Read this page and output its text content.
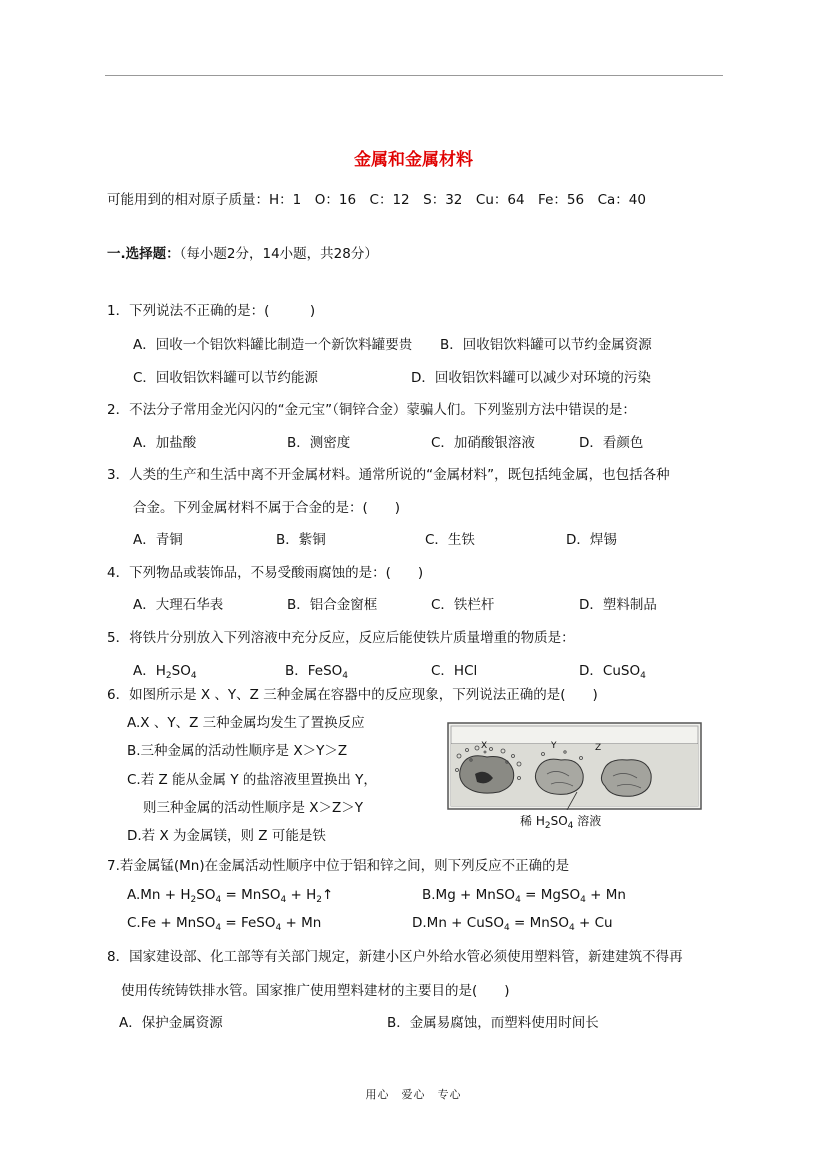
金属和金属材料
可能用到的相对原子质量：H：1　O：16　C：12　S：32　Cu：64　Fe：56　Ca：40
一.选择题：（每小题2分，14小题，共28分）
1．下列说法不正确的是：(　　　)
A．回收一个铝饮料罐比制造一个新饮料罐要贵 B．回收铝饮料罐可以节约金属资源
C．回收铝饮料罐可以节约能源	D．回收铝饮料罐可以减少对环境的污染
2．不法分子常用金光闪闪的“金元宝”（铜锌合金）蒙骗人们。下列鉴别方法中错误的是：
A．加盐酸	B．测密度	C．加硝酸银溶液	D．看颜色
3．人类的生产和生活中离不开金属材料。通常所说的“金属材料”，既包括纯金属，也包括各种
合金。下列金属材料不属于合金的是：(　　)
A．青铜	B．紫铜	C．生铁	D．焊锡
4．下列物品或装饰品，不易受酸雨腐蚀的是：(　　)
A．大理石华表	B．铝合金窗框	C．铁栏杆	D．塑料制品
5．将铁片分别放入下列溶液中充分反应，反应后能使铁片质量增重的物质是：
A．$H_2SO_4$	B．FeSO$_4$	C．HCl	D．CuSO$_4$
6．如图所示是 X 、Y、Z 三种金属在容器中的反应现象，下列说法正确的是(　　)
A.X 、Y、Z 三种金属均发生了置换反应
B.三种金属的活动性顺序是 X＞Y＞Z
C.若 Z 能从金属 Y 的盐溶液里置换出 Y，
则三种金属的活动性顺序是 X＞Z＞Y
D.若 X 为金属镁，则 Z 可能是铁
X	Y	Z
稀 $H_2SO_4$ 溶液
7.若金属锰(Mn)在金属活动性顺序中位于铝和锌之间，则下列反应不正确的是
$A.Mn + H_2SO_4$ = MnSO$_4$ + $H_2↑$	B.Mg + MnSO$_4$ = MgSO$_4$ + Mn
C.Fe + MnSO$_4$ = FeSO$_4$ + Mn	D.Mn + CuSO$_4$ = MnSO$_4$ + Cu
8．国家建设部、化工部等有关部门规定，新建小区户外给水管必须使用塑料管，新建建筑不得再
使用传统铸铁排水管。国家推广使用塑料建材的主要目的是(　　)
A．保护金属资源	B．金属易腐蚀，而塑料使用时间长
用心　爱心　专心
